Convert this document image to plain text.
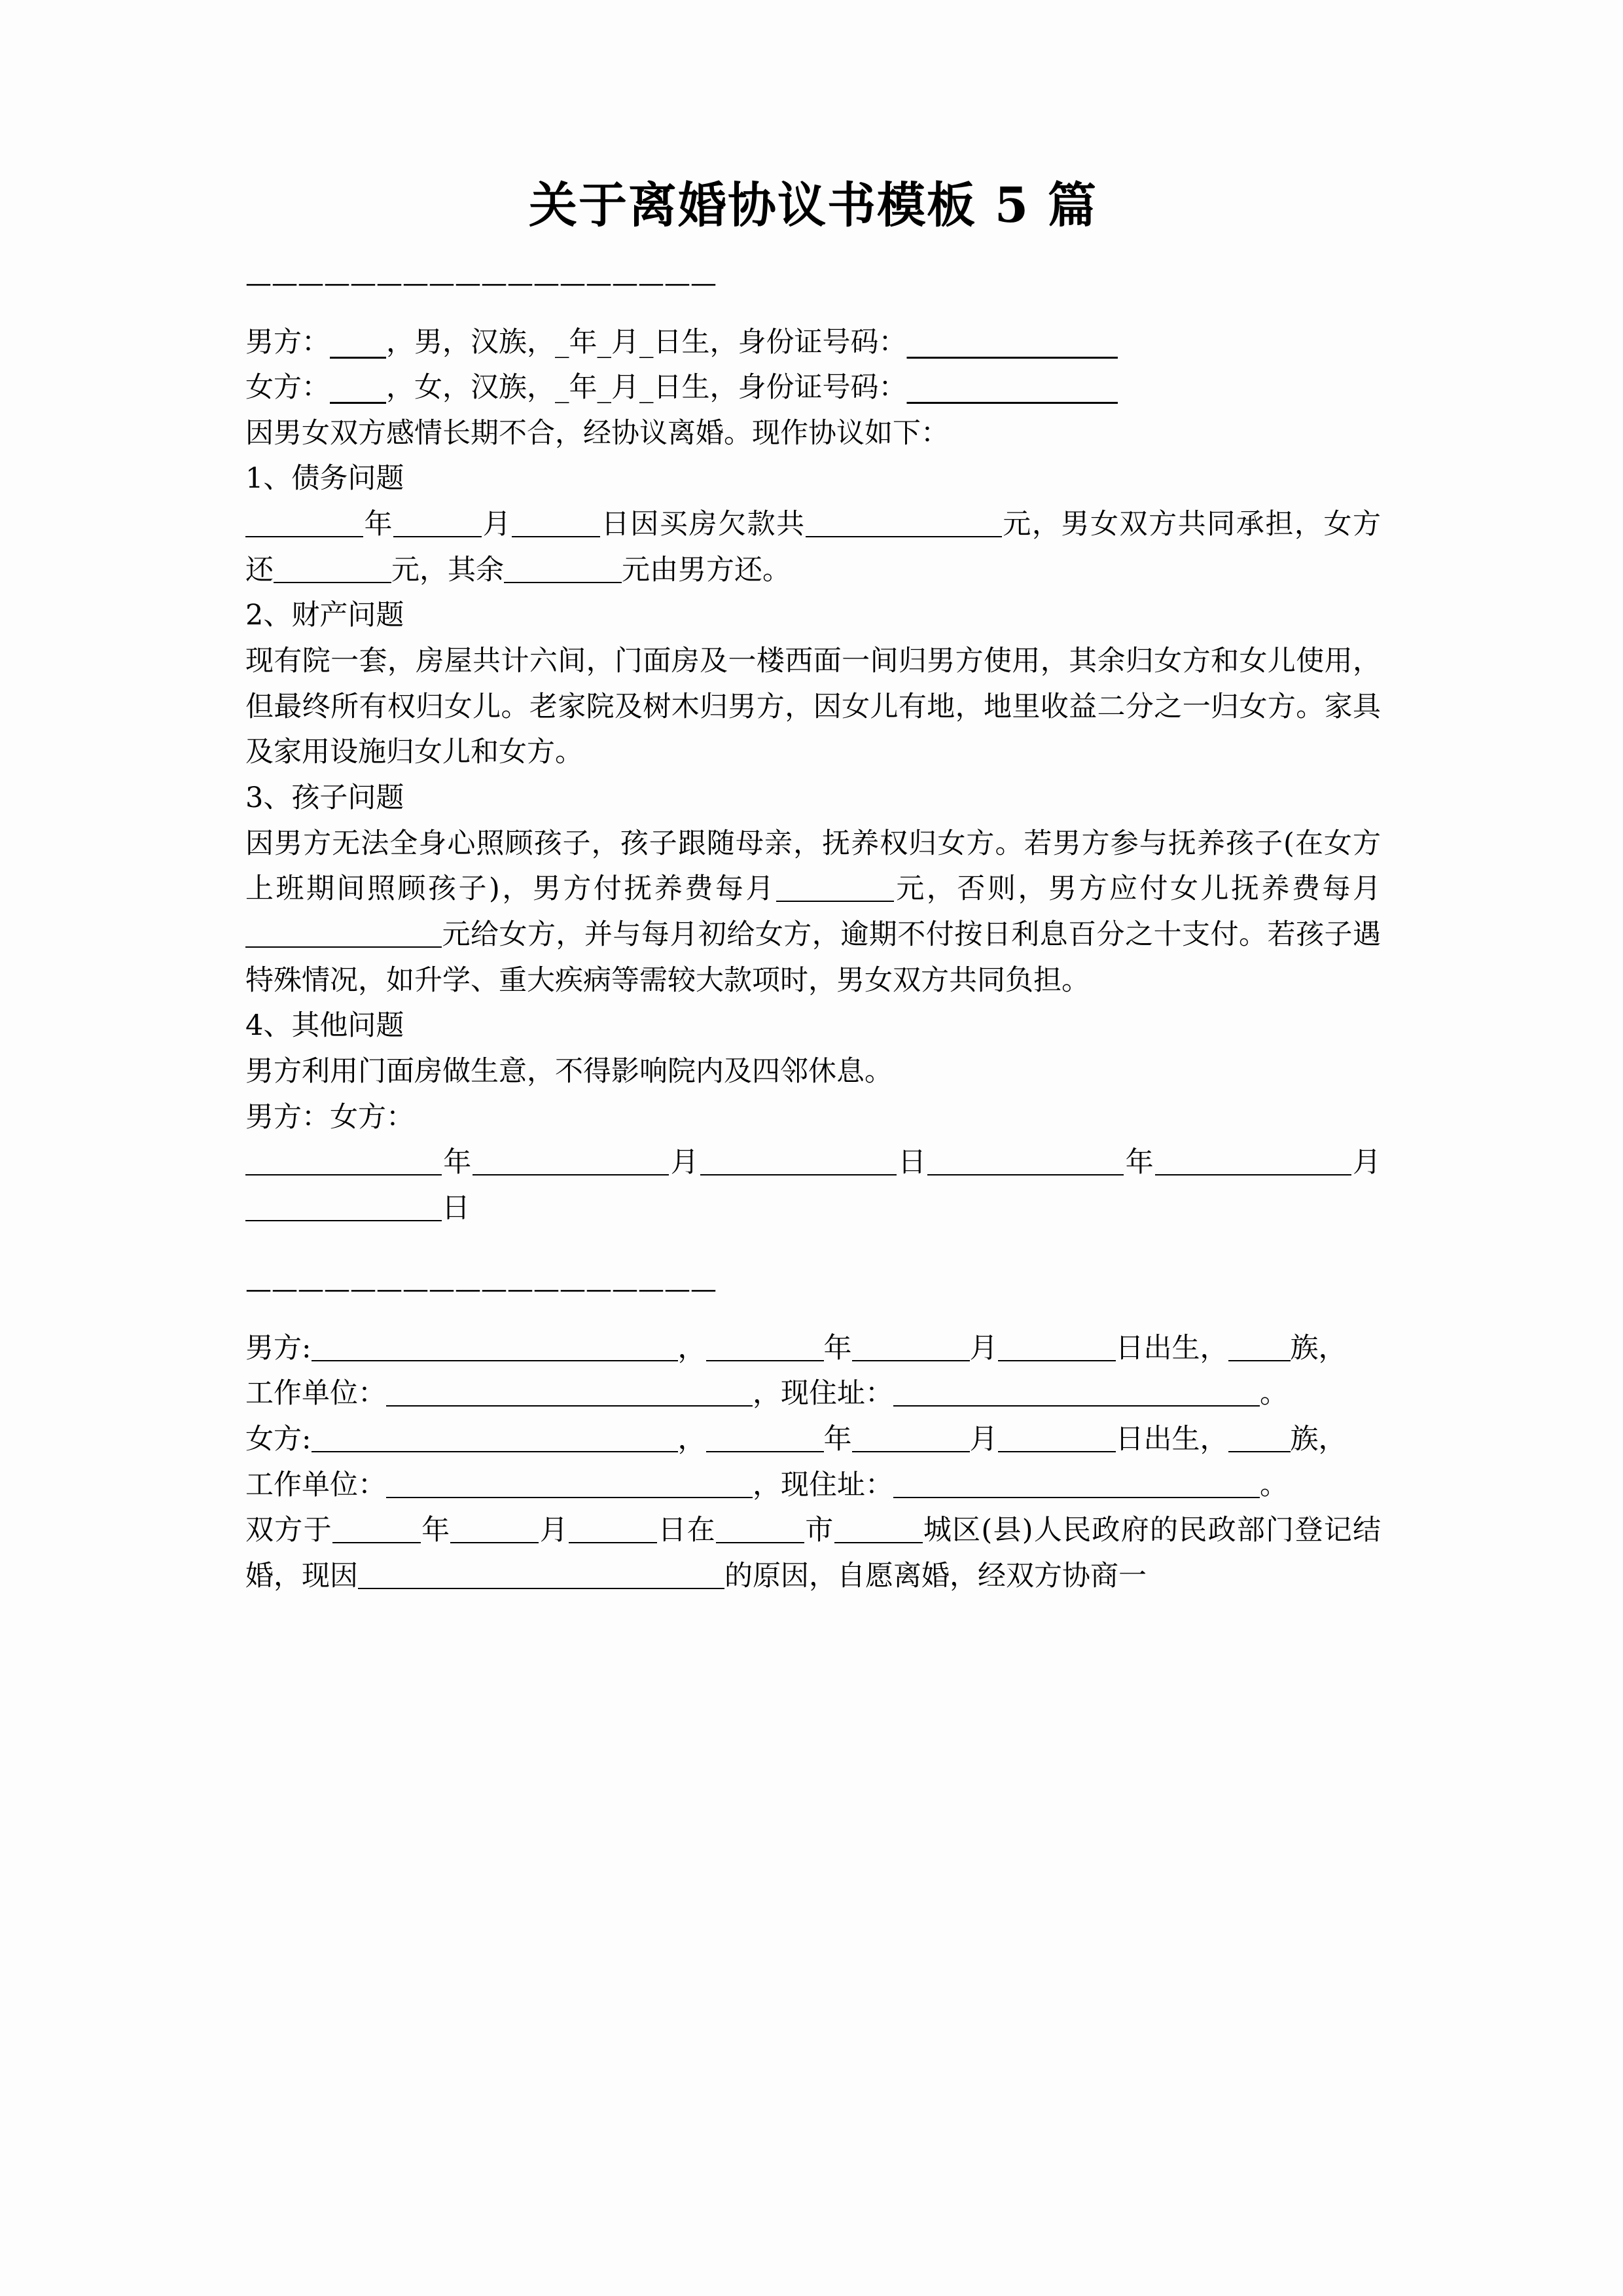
关于离婚协议书模板 5 篇
——————————————————

男方：____，男，汉族，_年_月_日生，身份证号码：_______________

女方：____，女，汉族，_年_月_日生，身份证号码：_______________

因男女双方感情长期不合，经协议离婚。现作协议如下：

1、债务问题

年	月	日因买房欠款共	元，男女双方共同承担，女方还	元，其余	元由男方还。

2、财产问题

现有院一套，房屋共计六间，门面房及一楼西面一间归男方使用，其余归女方和女儿使用，但最终所有权归女儿。老家院及树木归男方，因女儿有地，地里收益二分之一归女方。家具及家用设施归女儿和女方。

3、孩子问题

因男方无法全身心照顾孩子，孩子跟随母亲，抚养权归女方。若男方参与抚养孩子(在女方上班期间照顾孩子)，男方付抚养费每月	元，否则，男方应付女儿抚养费每月元给女方，并与每月初给女方，逾期不付按日利息百分之十支付。若孩子遇特殊情况，如升学、重大疾病等需较大款项时，男女双方共同负担。

4、其他问题

男方利用门面房做生意，不得影响院内及四邻休息。

男方：女方：

年	月	日	年	月日

——————————————————

男方:	，	年	月	日出生， 族，

工作单位：	，现住址：	。

女方:	，	年	月	日出生， 族，

工作单位：	，现住址：	。

双方于	年	月	日在	市	城区(县)人民政府的民政部门登记结婚，现因	的原因，自愿离婚，经双方协商一
